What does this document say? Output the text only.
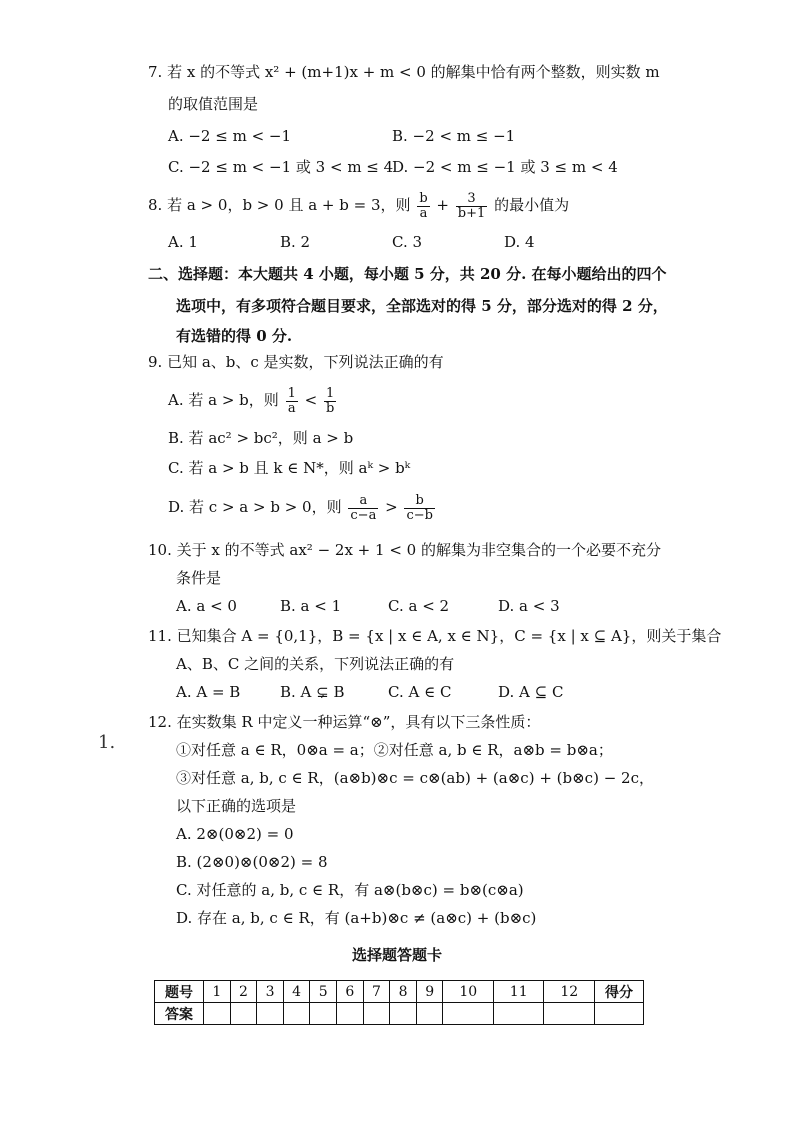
7. 若 x 的不等式 x² + (m+1)x + m < 0 的解集中恰有两个整数，则实数 m
的取值范围是
A. −2 ≤ m < −1	B. −2 < m ≤ −1
C. −2 ≤ m < −1 或 3 < m ≤ 4
D. −2 < m ≤ −1 或 3 ≤ m < 4
8. 若 a > 0，b > 0 且 a + b = 3，则 $\frac{b}{a} + \frac{3}{b+1}$ 的最小值为
A. 1	B. 2	C. 3	D. 4
二、选择题：本大题共 4 小题，每小题 5 分，共 20 分. 在每小题给出的四个
选项中，有多项符合题目要求，全部选对的得 5 分，部分选对的得 2 分，
有选错的得 0 分.
9. 已知 a、b、c 是实数，下列说法正确的有
A. 若 a > b，则 $\frac{1}{a} < \frac{1}{b}$
B. 若 ac² > bc²，则 a > b
C. 若 a > b 且 k ∈ N*，则 aᵏ > bᵏ
D. 若 c > a > b > 0，则 $\frac{a}{c-a} > \frac{b}{c-b}$
10. 关于 x 的不等式 ax² − 2x + 1 < 0 的解集为非空集合的一个必要不充分
条件是
A. a < 0	B. a < 1	C. a < 2	D. a < 3
11. 已知集合 A = {0,1}，B = {x | x ∈ A, x ∈ N}，C = {x | x ⊆ A}，则关于集合
A、B、C 之间的关系，下列说法正确的有
A. A = B	B. A ⊊ B	C. A ∈ C	D. A ⊆ C
1.
12. 在实数集 R 中定义一种运算“⊗”，具有以下三条性质：
①对任意 a ∈ R，0⊗a = a；②对任意 a, b ∈ R，a⊗b = b⊗a；
③对任意 a, b, c ∈ R，(a⊗b)⊗c = c⊗(ab) + (a⊗c) + (b⊗c) − 2c，
以下正确的选项是
A. 2⊗(0⊗2) = 0
B. (2⊗0)⊗(0⊗2) = 8
C. 对任意的 a, b, c ∈ R，有 a⊗(b⊗c) = b⊗(c⊗a)
D. 存在 a, b, c ∈ R，有 (a+b)⊗c ≠ (a⊗c) + (b⊗c)
选择题答题卡
题号	1	2	3	4	5	6	7	8	9	10	11	12	得分
答案													
